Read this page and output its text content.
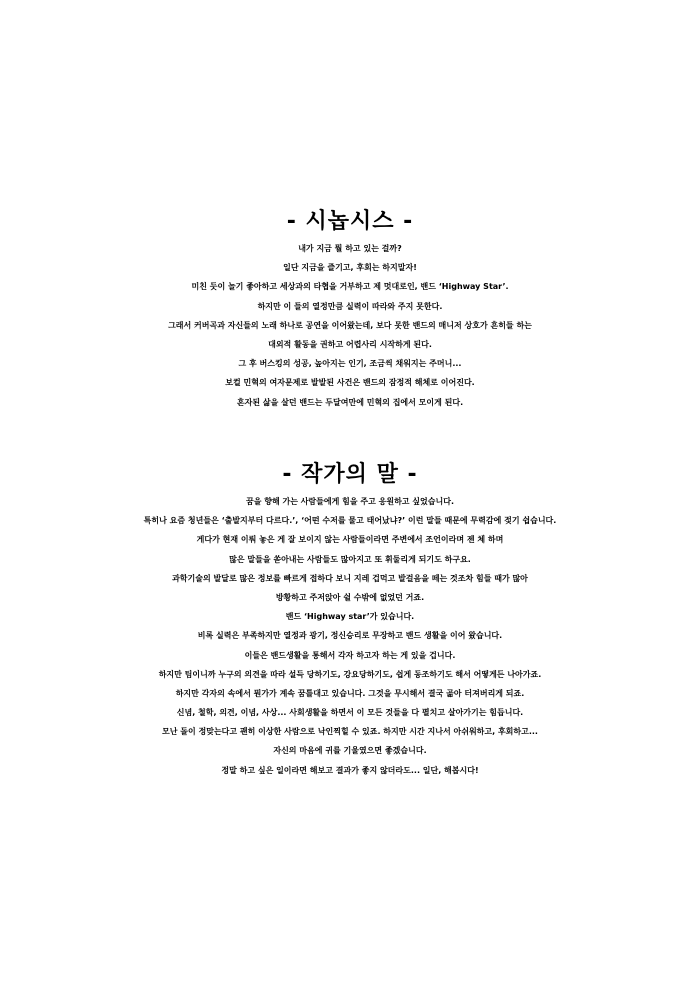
- 시놉시스 -

내가 지금 뭘 하고 있는 걸까?

일단 지금을 즐기고, 후회는 하지말자!

미친 듯이 놀기 좋아하고 세상과의 타협을 거부하고 제 멋대로인, 밴드 ‘Highway Star’.

하지만 이 들의 열정만큼 실력이 따라와 주지 못한다.

그래서 커버곡과 자신들의 노래 하나로 공연을 이어왔는데, 보다 못한 밴드의 매니저 상호가 흔히들 하는

대외적 활동을 권하고 어렵사리 시작하게 된다.

그 후 버스킹의 성공, 높아지는 인기, 조금씩 채워지는 주머니...

보컬 민혁의 여자문제로 발발된 사건은 밴드의 잠정적 해체로 이어진다.

혼자된 삶을 살던 밴드는 두달여만에 민혁의 집에서 모이게 된다.

- 작가의 말 -

꿈을 향해 가는 사람들에게 힘을 주고 응원하고 싶었습니다.

특히나 요즘 청년들은 ‘출발지부터 다르다.’, ‘어떤 수저를 물고 태어났냐?’ 이런 말들 때문에 무력감에 젖기 쉽습니다.

게다가 현재 이뤄 놓은 게 잘 보이지 않는 사람들이라면 주변에서 조언이라며 젠 체 하며

많은 말들을 쏟아내는 사람들도 많아지고 또 휘둘리게 되기도 하구요.

과학기술의 발달로 많은 정보를 빠르게 접하다 보니 지레 겁먹고 발걸음을 떼는 것조차 힘들 때가 많아

방황하고 주저앉아 쉴 수밖에 없었던 거죠.

밴드 ‘Highway star’가 있습니다.

비록 실력은 부족하지만 열정과 광기, 정신승리로 무장하고 밴드 생활을 이어 왔습니다.

이들은 밴드생활을 통해서 각자 하고자 하는 게 있을 겁니다.

하지만 팀이니까 누구의 의견을 따라 설득 당하기도, 강요당하기도, 쉽게 동조하기도 해서 어떻게든 나아가죠.

하지만 각자의 속에서 뭔가가 계속 꿈틀대고 있습니다. 그것을 무시해서 결국 곪아 터져버리게 되죠.

신념, 철학, 의견, 이념, 사상... 사회생활을 하면서 이 모든 것들을 다 펼치고 살아가기는 힘듭니다.

모난 돌이 정맞는다고 괜히 이상한 사람으로 낙인찍힐 수 있죠. 하지만 시간 지나서 아쉬워하고, 후회하고...

자신의 마음에 귀를 기울였으면 좋겠습니다.

정말 하고 싶은 일이라면 해보고 결과가 좋지 않더라도... 일단, 해봅시다!
